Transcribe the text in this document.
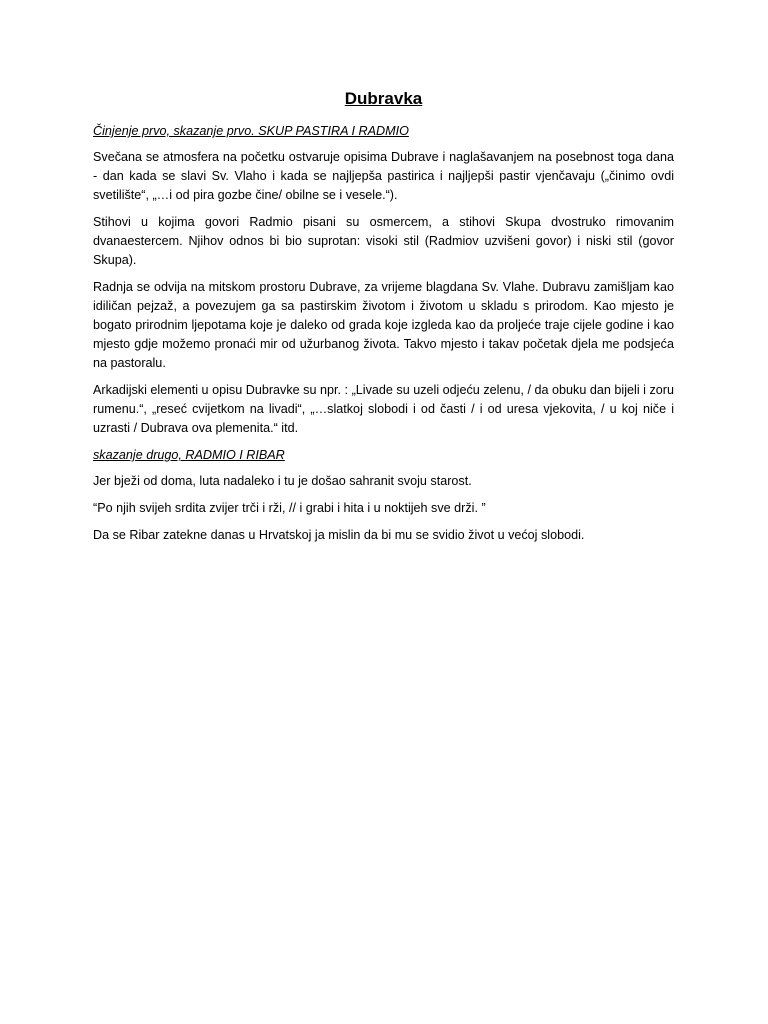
Dubravka

Činjenje prvo, skazanje prvo. SKUP PASTIRA I RADMIO

Svečana se atmosfera na početku ostvaruje opisima Dubrave i naglašavanjem na posebnost toga dana - dan kada se slavi Sv. Vlaho i kada se najljepša pastirica i najljepši pastir vjenčavaju („činimo ovdi svetilište“, „…i od pira gozbe čine/ obilne se i vesele.“).

Stihovi u kojima govori Radmio pisani su osmercem, a stihovi Skupa dvostruko rimovanim dvanaestercem. Njihov odnos bi bio suprotan: visoki stil (Radmiov uzvišeni govor) i niski stil (govor Skupa).

Radnja se odvija na mitskom prostoru Dubrave, za vrijeme blagdana Sv. Vlahe. Dubravu zamišljam kao idiličan pejzaž, a povezujem ga sa pastirskim životom i životom u skladu s prirodom. Kao mjesto je bogato prirodnim ljepotama koje je daleko od grada koje izgleda kao da proljeće traje cijele godine i kao mjesto gdje možemo pronaći mir od užurbanog života. Takvo mjesto i takav početak djela me podsjeća na pastoralu.

Arkadijski elementi u opisu Dubravke su npr. : „Livade su uzeli odjeću zelenu, / da obuku dan bijeli i zoru rumenu.“, „reseć cvijetkom na livadi“, „…slatkoj slobodi i od časti / i od uresa vjekovita, / u koj niče i uzrasti / Dubrava ova plemenita.“ itd.

skazanje drugo, RADMIO I RIBAR

Jer bježi od doma, luta nadaleko i tu je došao sahranit svoju starost.

“Po njih svijeh srdita zvijer trči i rži, // i grabi i hita i u noktijeh sve drži. ”

Da se Ribar zatekne danas u Hrvatskoj ja mislin da bi mu se svidio život u većoj slobodi.
